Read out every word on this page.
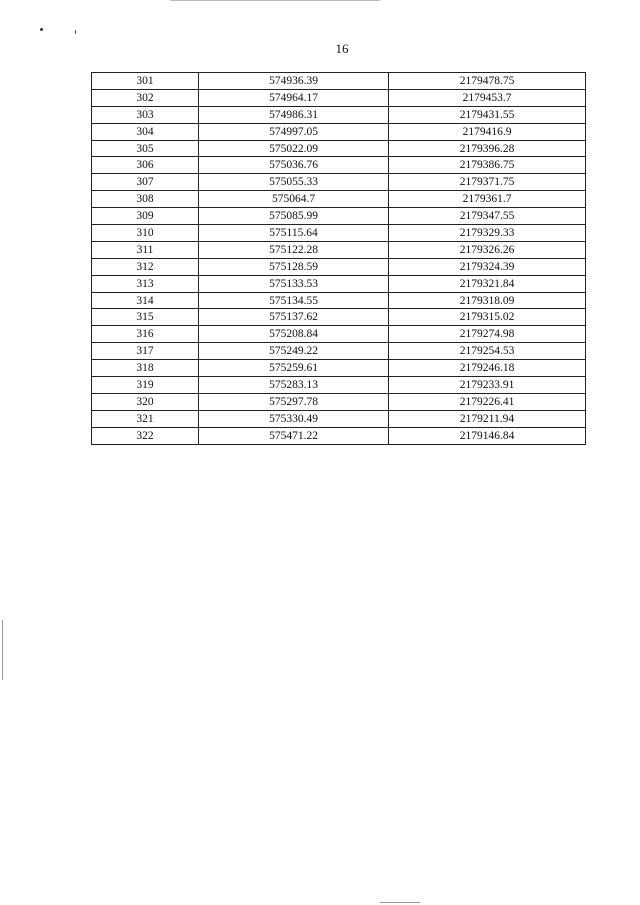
16
301	574936.39	2179478.75
302	574964.17	2179453.7
303	574986.31	2179431.55
304	574997.05	2179416.9
305	575022.09	2179396.28
306	575036.76	2179386.75
307	575055.33	2179371.75
308	575064.7	2179361.7
309	575085.99	2179347.55
310	575115.64	2179329.33
311	575122.28	2179326.26
312	575128.59	2179324.39
313	575133.53	2179321.84
314	575134.55	2179318.09
315	575137.62	2179315.02
316	575208.84	2179274.98
317	575249.22	2179254.53
318	575259.61	2179246.18
319	575283.13	2179233.91
320	575297.78	2179226.41
321	575330.49	2179211.94
322	575471.22	2179146.84
